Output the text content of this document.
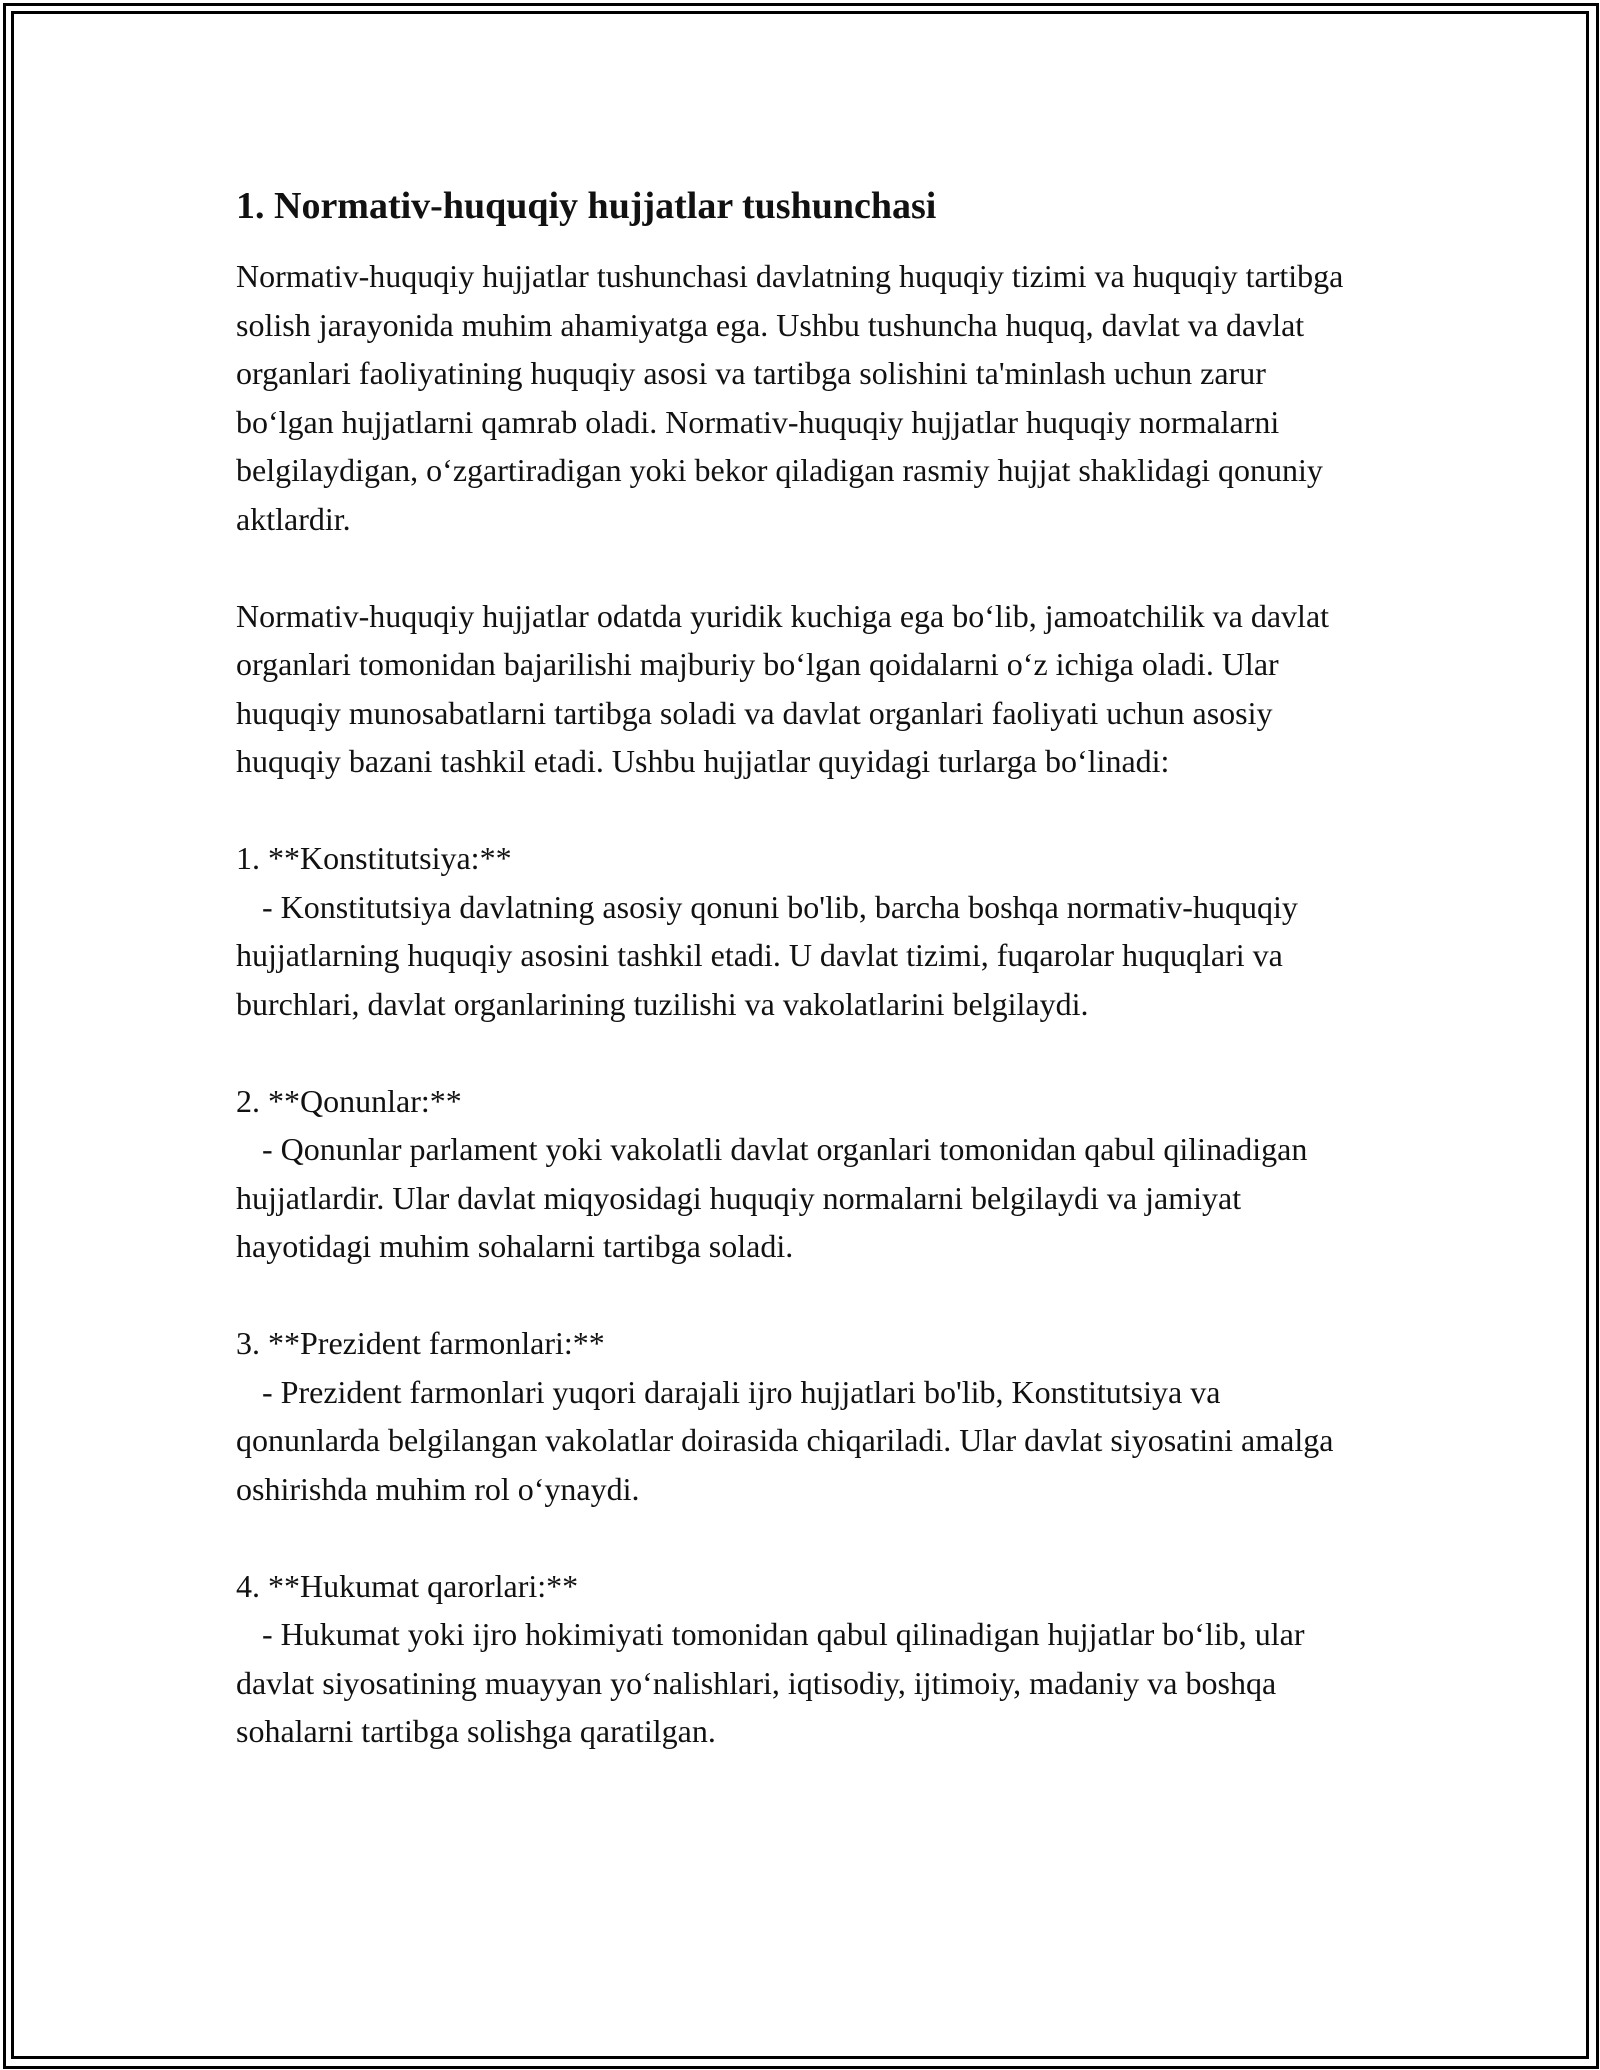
1. Normativ-huquqiy hujjatlar tushunchasi

Normativ-huquqiy hujjatlar tushunchasi davlatning huquqiy tizimi va huquqiy tartibga solish jarayonida muhim ahamiyatga ega. Ushbu tushuncha huquq, davlat va davlat organlari faoliyatining huquqiy asosi va tartibga solishini ta'minlash uchun zarur bo‘lgan hujjatlarni qamrab oladi. Normativ-huquqiy hujjatlar huquqiy normalarni belgilaydigan, o‘zgartiradigan yoki bekor qiladigan rasmiy hujjat shaklidagi qonuniy aktlardir.

Normativ-huquqiy hujjatlar odatda yuridik kuchiga ega bo‘lib, jamoatchilik va davlat organlari tomonidan bajarilishi majburiy bo‘lgan qoidalarni o‘z ichiga oladi. Ular huquqiy munosabatlarni tartibga soladi va davlat organlari faoliyati uchun asosiy huquqiy bazani tashkil etadi. Ushbu hujjatlar quyidagi turlarga bo‘linadi:

1. **Konstitutsiya:**

- Konstitutsiya davlatning asosiy qonuni bo'lib, barcha boshqa normativ-huquqiy hujjatlarning huquqiy asosini tashkil etadi. U davlat tizimi, fuqarolar huquqlari va burchlari, davlat organlarining tuzilishi va vakolatlarini belgilaydi.

2. **Qonunlar:**

- Qonunlar parlament yoki vakolatli davlat organlari tomonidan qabul qilinadigan hujjatlardir. Ular davlat miqyosidagi huquqiy normalarni belgilaydi va jamiyat hayotidagi muhim sohalarni tartibga soladi.

3. **Prezident farmonlari:**

- Prezident farmonlari yuqori darajali ijro hujjatlari bo'lib, Konstitutsiya va qonunlarda belgilangan vakolatlar doirasida chiqariladi. Ular davlat siyosatini amalga oshirishda muhim rol o‘ynaydi.

4. **Hukumat qarorlari:**

- Hukumat yoki ijro hokimiyati tomonidan qabul qilinadigan hujjatlar bo‘lib, ular davlat siyosatining muayyan yo‘nalishlari, iqtisodiy, ijtimoiy, madaniy va boshqa sohalarni tartibga solishga qaratilgan.
